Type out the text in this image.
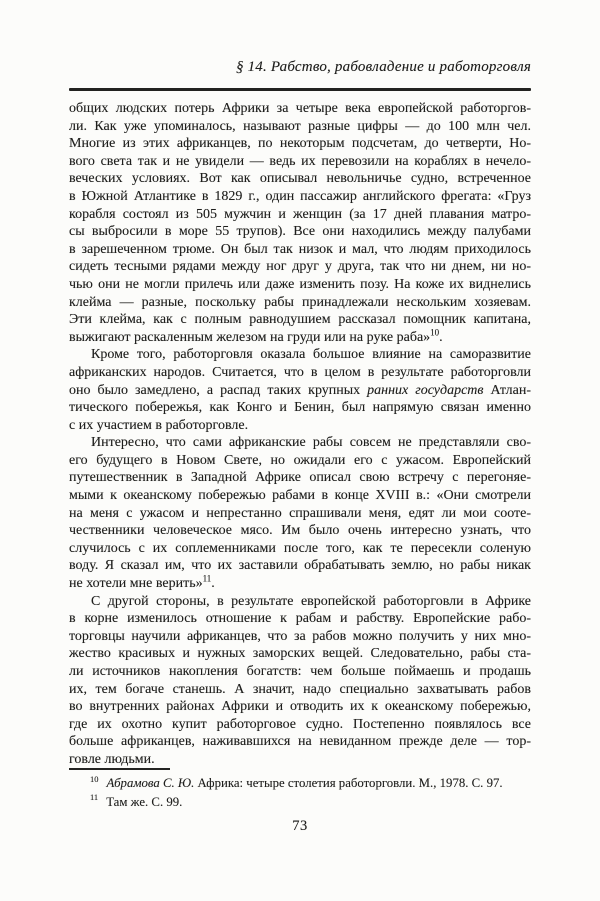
§ 14. Рабство, рабовладение и работорговля
общих людских потерь Африки за четыре века европейской работоргов-
ли. Как уже упоминалось, называют разные цифры — до 100 млн чел.
Многие из этих африканцев, по некоторым подсчетам, до четверти, Но-
вого света так и не увидели — ведь их перевозили на кораблях в нечело-
веческих условиях. Вот как описывал невольничье судно, встреченное
в Южной Атлантике в 1829 г., один пассажир английского фрегата: «Груз
корабля состоял из 505 мужчин и женщин (за 17 дней плавания матро-
сы выбросили в море 55 трупов). Все они находились между палубами
в зарешеченном трюме. Он был так низок и мал, что людям приходилось
сидеть тесными рядами между ног друг у друга, так что ни днем, ни но-
чью они не могли прилечь или даже изменить позу. На коже их виднелись
клейма — разные, поскольку рабы принадлежали нескольким хозяевам.
Эти клейма, как с полным равнодушием рассказал помощник капитана,
выжигают раскаленным железом на груди или на руке раба»$^{10}$.
Кроме того, работорговля оказала большое влияние на саморазвитие
африканских народов. Считается, что в целом в результате работорговли
оно было замедлено, а распад таких крупных ранних государств Атлан-
тического побережья, как Конго и Бенин, был напрямую связан именно
с их участием в работорговле.
Интересно, что сами африканские рабы совсем не представляли сво-
его будущего в Новом Свете, но ожидали его с ужасом. Европейский
путешественник в Западной Африке описал свою встречу с перегоняе-
мыми к океанскому побережью рабами в конце XVIII в.: «Они смотрели
на меня с ужасом и непрестанно спрашивали меня, едят ли мои сооте-
чественники человеческое мясо. Им было очень интересно узнать, что
случилось с их соплеменниками после того, как те пересекли соленую
воду. Я сказал им, что их заставили обрабатывать землю, но рабы никак
не хотели мне верить»$^{11}$.
С другой стороны, в результате европейской работорговли в Африке
в корне изменилось отношение к рабам и рабству. Европейские рабо-
торговцы научили африканцев, что за рабов можно получить у них мно-
жество красивых и нужных заморских вещей. Следовательно, рабы ста-
ли источников накопления богатств: чем больше поймаешь и продашь
их, тем богаче станешь. А значит, надо специально захватывать рабов
во внутренних районах Африки и отводить их к океанскому побережью,
где их охотно купит работорговое судно. Постепенно появлялось все
больше африканцев, наживавшихся на невиданном прежде деле — тор-
говле людьми.
$^{10}$ Абрамова С. Ю. Африка: четыре столетия работорговли. М., 1978. С. 97.
$^{11}$ Там же. С. 99.
73
